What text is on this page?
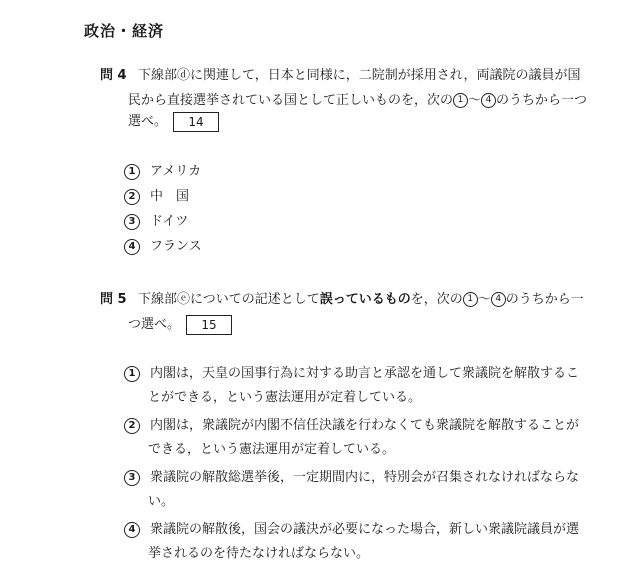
政治・経済
問 4 下線部ⓓに関連して，日本と同様に，二院制が採用され，両議院の議員が国
民から直接選挙されている国として正しいものを，次の 1 〜 4 のうちから一つ
選べ。 14
1 アメリカ
2 中　国
3 ドイツ
4 フランス
問 5 下線部ⓔについての記述として誤っているものを，次の 1 〜 4 のうちから一
つ選べ。 15
1 内閣は，天皇の国事行為に対する助言と承認を通して衆議院を解散するこ
とができる，という憲法運用が定着している。
2 内閣は，衆議院が内閣不信任決議を行わなくても衆議院を解散することが
できる，という憲法運用が定着している。
3 衆議院の解散総選挙後，一定期間内に，特別会が召集されなければならな
い。
4 衆議院の解散後，国会の議決が必要になった場合，新しい衆議院議員が選
挙されるのを待たなければならない。
